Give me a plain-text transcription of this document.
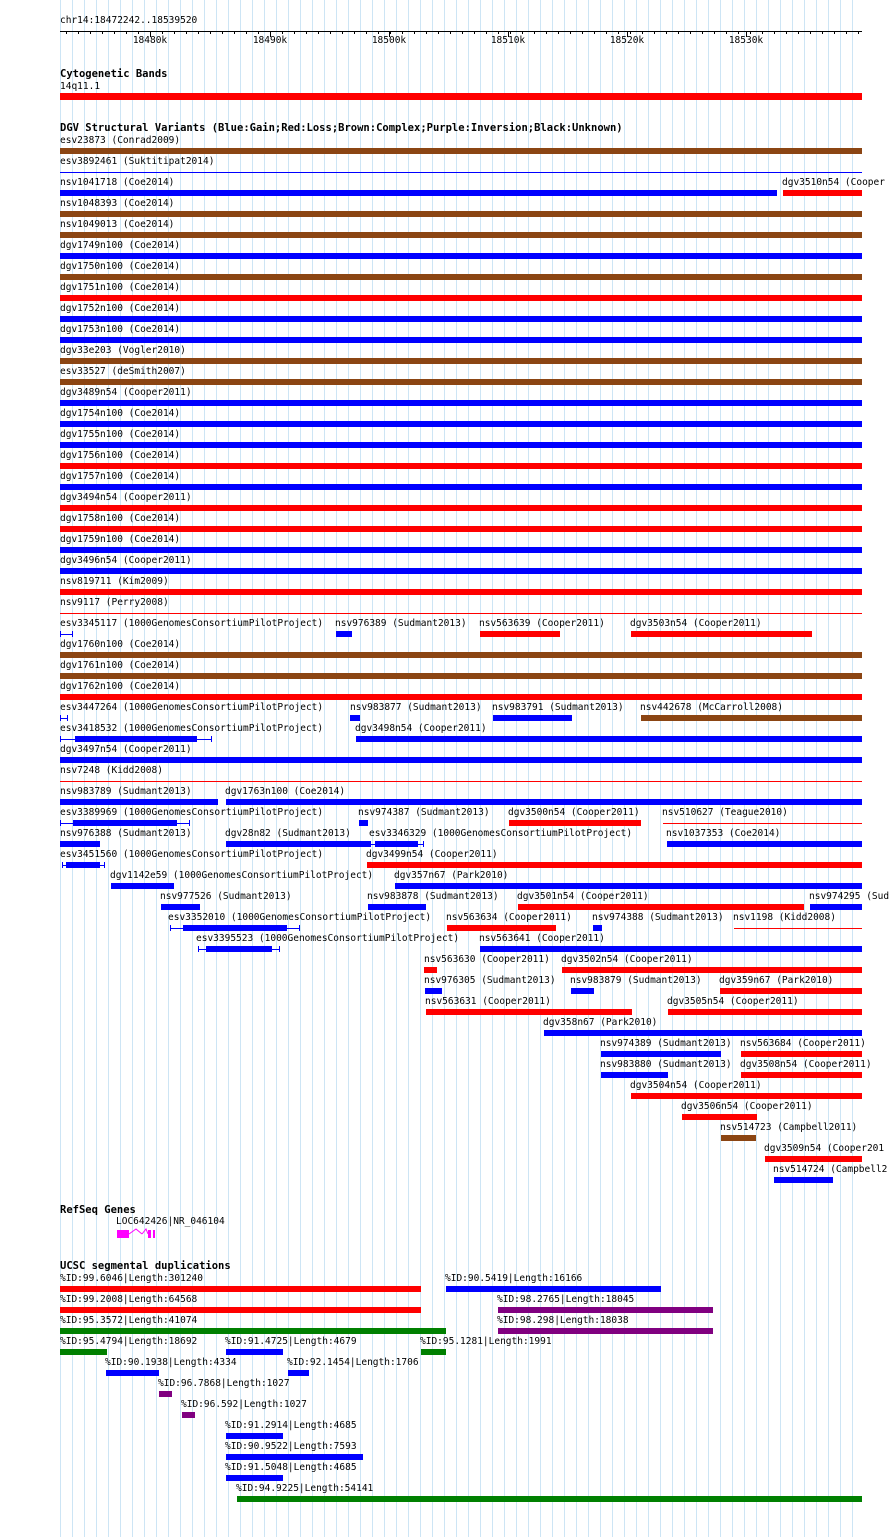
chr14:18472242..18539520
18480k	18490k	18500k	18510k	18520k	18530k
Cytogenetic Bands
14q11.1
DGV Structural Variants (Blue:Gain;Red:Loss;Brown:Complex;Purple:Inversion;Black:Unknown)
esv23873 (Conrad2009)
esv3892461 (Suktitipat2014)
nsv1041718 (Coe2014)	dgv3510n54 (Cooper
nsv1048393 (Coe2014)
nsv1049013 (Coe2014)
dgv1749n100 (Coe2014)
dgv1750n100 (Coe2014)
dgv1751n100 (Coe2014)
dgv1752n100 (Coe2014)
dgv1753n100 (Coe2014)
dgv33e203 (Vogler2010)
esv33527 (deSmith2007)
dgv3489n54 (Cooper2011)
dgv1754n100 (Coe2014)
dgv1755n100 (Coe2014)
dgv1756n100 (Coe2014)
dgv1757n100 (Coe2014)
dgv3494n54 (Cooper2011)
dgv1758n100 (Coe2014)
dgv1759n100 (Coe2014)
dgv3496n54 (Cooper2011)
nsv819711 (Kim2009)
nsv9117 (Perry2008)
esv3345117 (1000GenomesConsortiumPilotProject) nsv976389 (Sudmant2013) nsv563639 (Cooper2011)	dgv3503n54 (Cooper2011)
dgv1760n100 (Coe2014)
dgv1761n100 (Coe2014)
dgv1762n100 (Coe2014)
esv3447264 (1000GenomesConsortiumPilotProject)	nsv983877 (Sudmant2013) nsv983791 (Sudmant2013) nsv442678 (McCarroll2008)
esv3418532 (1000GenomesConsortiumPilotProject)	dgv3498n54 (Cooper2011)
dgv3497n54 (Cooper2011)
nsv7248 (Kidd2008)
nsv983789 (Sudmant2013)	dgv1763n100 (Coe2014)
esv3389969 (1000GenomesConsortiumPilotProject)	nsv974387 (Sudmant2013) dgv3500n54 (Cooper2011) nsv510627 (Teague2010)
nsv976388 (Sudmant2013)	dgv28n82 (Sudmant2013) esv3346329 (1000GenomesConsortiumPilotProject)	nsv1037353 (Coe2014)
esv3451560 (1000GenomesConsortiumPilotProject)	dgv3499n54 (Cooper2011)
dgv1142e59 (1000GenomesConsortiumPilotProject) dgv357n67 (Park2010)
nsv977526 (Sudmant2013)	nsv983878 (Sudmant2013) dgv3501n54 (Cooper2011)	nsv974295 (Sud
esv3352010 (1000GenomesConsortiumPilotProject) nsv563634 (Cooper2011) nsv974388 (Sudmant2013) nsv1198 (Kidd2008)
esv3395523 (1000GenomesConsortiumPilotProject) nsv563641 (Cooper2011)
nsv563630 (Cooper2011) dgv3502n54 (Cooper2011)
nsv976305 (Sudmant2013) nsv983879 (Sudmant2013) dgv359n67 (Park2010)
nsv563631 (Cooper2011)	dgv3505n54 (Cooper2011)
dgv358n67 (Park2010)
nsv974389 (Sudmant2013) nsv563684 (Cooper2011)
nsv983880 (Sudmant2013) dgv3508n54 (Cooper2011)
dgv3504n54 (Cooper2011)
dgv3506n54 (Cooper2011)
nsv514723 (Campbell2011)
dgv3509n54 (Cooper201
nsv514724 (Campbell2
RefSeq Genes
LOC642426|NR_046104
UCSC segmental duplications
%ID:99.6046|Length:301240	%ID:90.5419|Length:16166
%ID:99.2008|Length:64568	%ID:98.2765|Length:18045
%ID:95.3572|Length:41074	%ID:98.298|Length:18038
%ID:95.4794|Length:18692	%ID:91.4725|Length:4679	%ID:95.1281|Length:1991
%ID:90.1938|Length:4334	%ID:92.1454|Length:1706
%ID:96.7868|Length:1027
%ID:96.592|Length:1027
%ID:91.2914|Length:4685
%ID:90.9522|Length:7593
%ID:91.5048|Length:4685
%ID:94.9225|Length:54141
